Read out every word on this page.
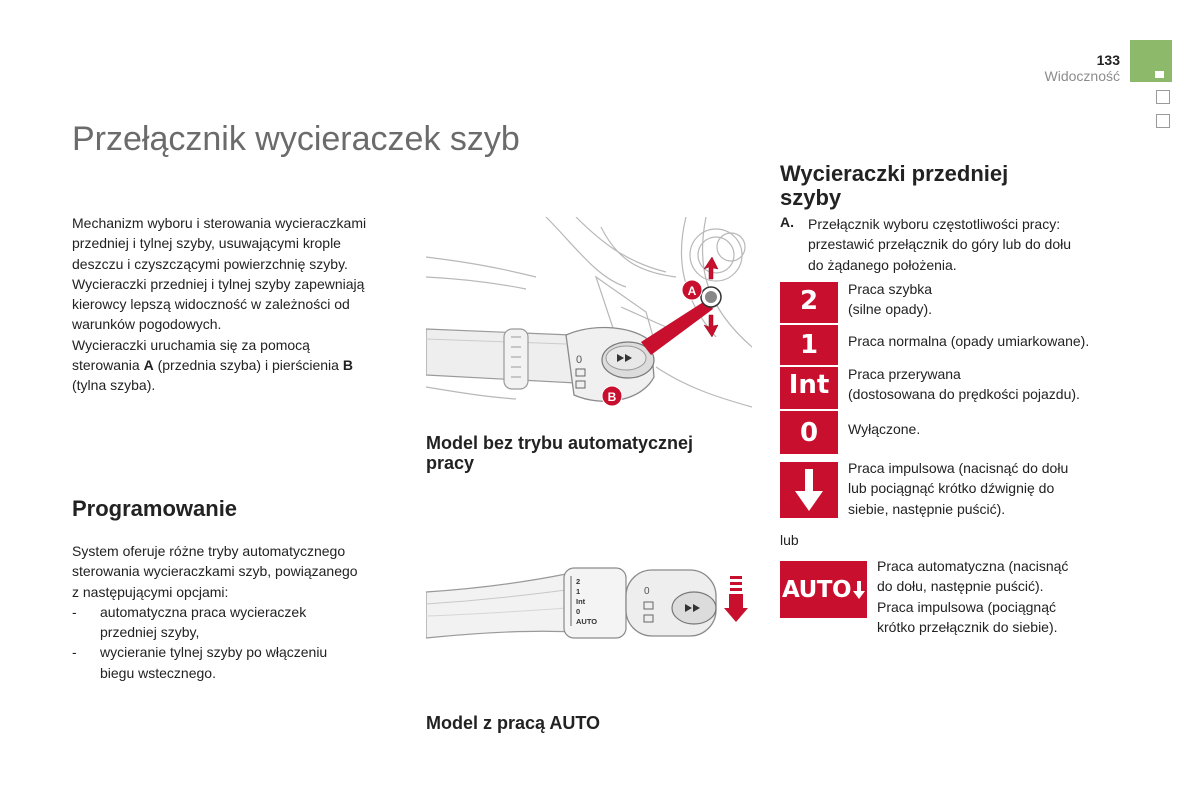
133
Widoczność
Przełącznik wycieraczek szyb
Mechanizm wyboru i sterowania wycieraczkami
przedniej i tylnej szyby, usuwającymi krople
deszczu i czyszczącymi powierzchnię szyby.
Wycieraczki przedniej i tylnej szyby zapewniają
kierowcy lepszą widoczność w zależności od
warunków pogodowych.
Wycieraczki uruchamia się za pomocą
sterowania A (przednia szyba) i pierścienia B
(tylna szyba).
Programowanie
System oferuje różne tryby automatycznego
sterowania wycieraczkami szyb, powiązanego
z następującymi opcjami:
- automatyczna praca wycieraczek
przedniej szyby,
- wycieranie tylnej szyby po włączeniu
biegu wstecznego.
0
A
B
Model bez trybu automatycznej
pracy
2
1
Int
0
AUTO
0
Model z pracą AUTO
Wycieraczki przedniej
szyby
A. Przełącznik wyboru częstotliwości pracy:
przestawić przełącznik do góry lub do dołu
do żądanego położenia.
2
1
Int
0
Praca szybka
(silne opady).
Praca normalna (opady umiarkowane).
Praca przerywana
(dostosowana do prędkości pojazdu).
Wyłączone.
Praca impulsowa (nacisnąć do dołu
lub pociągnąć krótko dźwignię do
siebie, następnie puścić).
lub
AUTO
Praca automatyczna (nacisnąć
do dołu, następnie puścić).
Praca impulsowa (pociągnąć
krótko przełącznik do siebie).
